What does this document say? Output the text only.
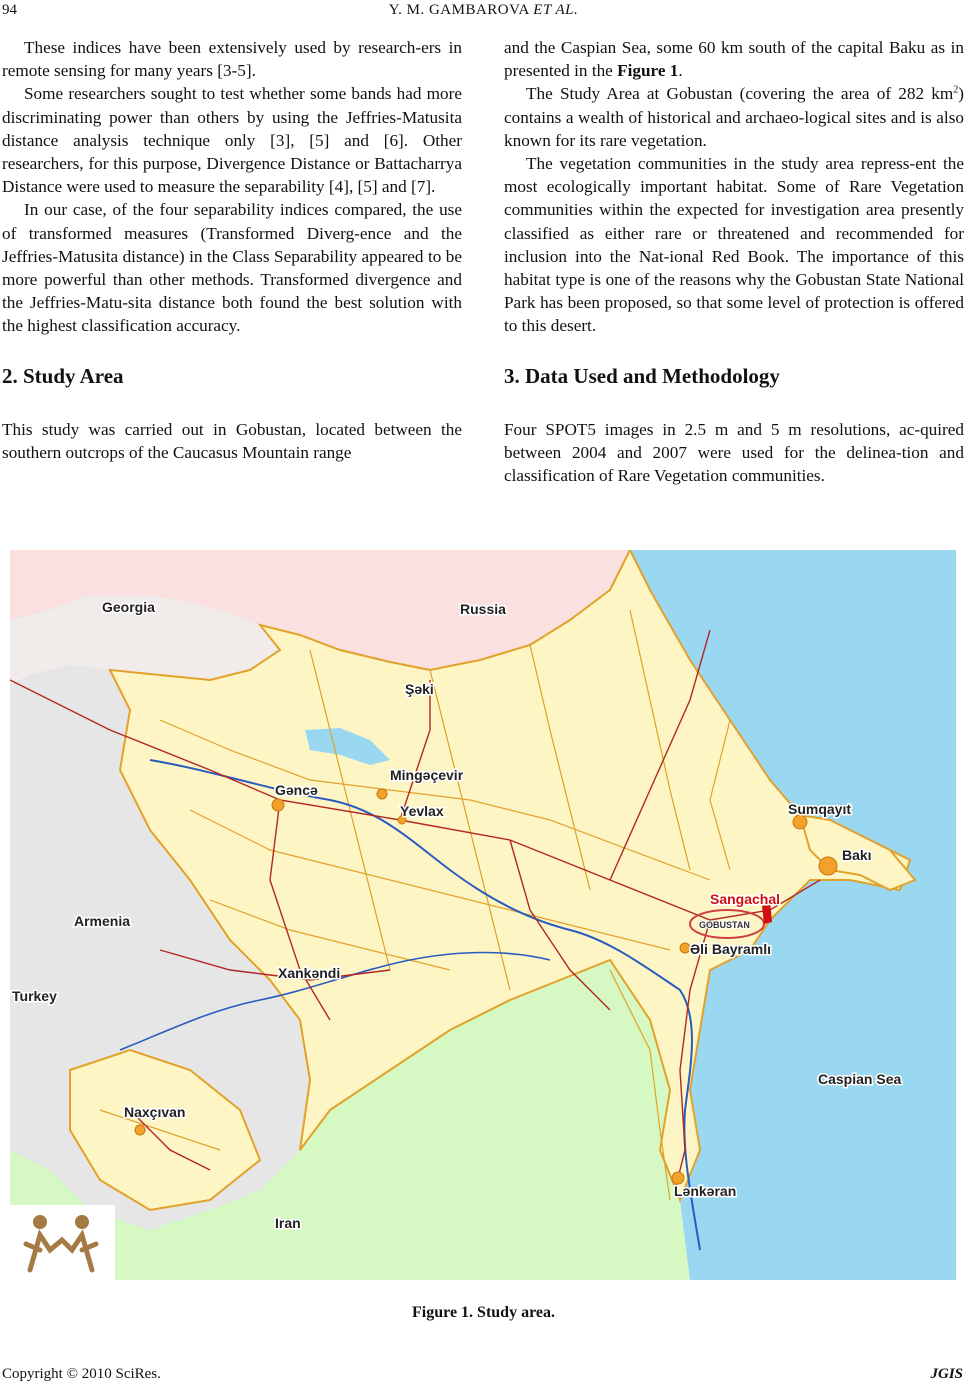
94	Y. M. GAMBAROVA ET AL.

These indices have been extensively used by research-ers in remote sensing for many years [3-5].

Some researchers sought to test whether some bands had more discriminating power than others by using the Jeffries-Matusita distance analysis technique only [3], [5] and [6]. Other researchers, for this purpose, Divergence Distance or Battacharrya Distance were used to measure the separability [4], [5] and [7].

In our case, of the four separability indices compared, the use of transformed measures (Transformed Diverg-ence and the Jeffries-Matusita distance) in the Class Separability appeared to be more powerful than other methods. Transformed divergence and the Jeffries-Matu-sita distance both found the best solution with the highest classification accuracy.

2. Study Area

This study was carried out in Gobustan, located between the southern outcrops of the Caucasus Mountain range

and the Caspian Sea, some 60 km south of the capital Baku as in presented in the Figure 1.

The Study Area at Gobustan (covering the area of 282 $km^2$) contains a wealth of historical and archaeo-logical sites and is also known for its rare vegetation.

The vegetation communities in the study area repress-ent the most ecologically important habitat. Some of Rare Vegetation communities within the expected for investigation area presently classified as either rare or threatened and recommended for inclusion into the Nat-ional Red Book. The importance of this habitat type is one of the reasons why the Gobustan State National Park has been proposed, so that some level of protection is offered to this desert.

3. Data Used and Methodology

Four SPOT5 images in 2.5 m and 5 m resolutions, ac-quired between 2004 and 2007 were used for the delinea-tion and classification of Rare Vegetation communities.

Georgia	Russia
Şəki
Mingəçevir
Gəncə
Yevlax	Sumqayıt
Bakı
Sangachal
GOBUSTAN
Əli Bayramlı
Armenia
Xankəndi
Turkey
Caspian Sea
Naxçıvan
Lənkəran
Iran
Figure 1. Study area.
Copyright © 2010 SciRes.	JGIS
